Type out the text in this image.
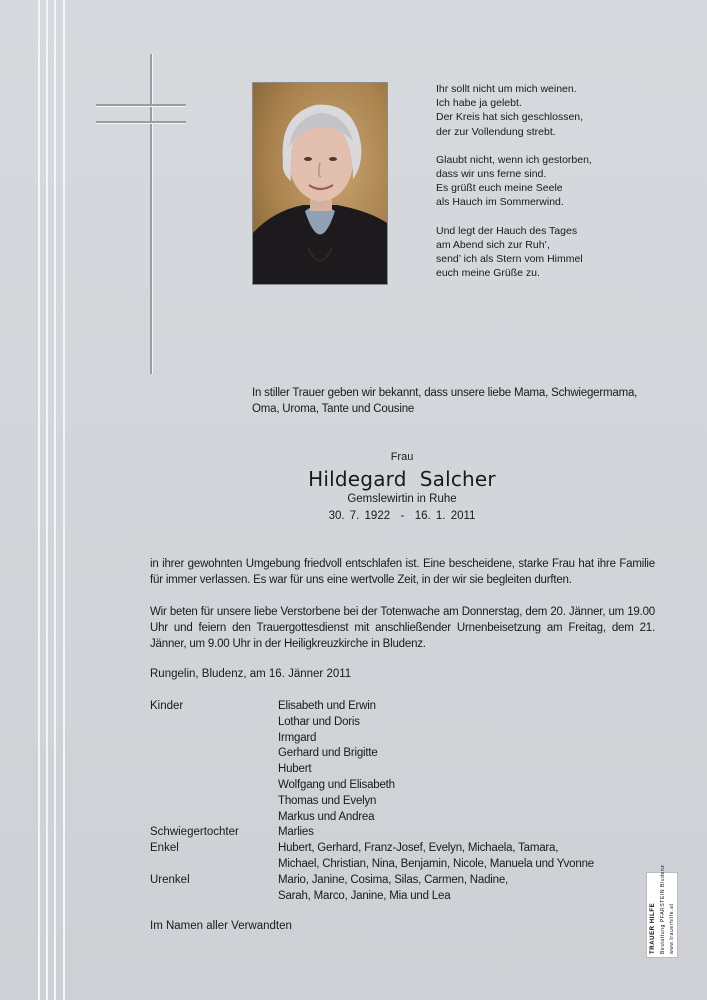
Ihr sollt nicht um mich weinen.
Ich habe ja gelebt.
Der Kreis hat sich geschlossen,
der zur Vollendung strebt.
Glaubt nicht, wenn ich gestorben,
dass wir uns ferne sind.
Es grüßt euch meine Seele
als Hauch im Sommerwind.
Und legt der Hauch des Tages
am Abend sich zur Ruh’,
send’ ich als Stern vom Himmel
euch meine Grüße zu.
In stiller Trauer geben wir bekannt, dass unsere liebe Mama, Schwiegermama, Oma, Uroma, Tante und Cousine
Frau
Hildegard  Salcher
Gemslewirtin in Ruhe
30. 7. 1922  -  16. 1. 2011
in ihrer gewohnten Umgebung friedvoll entschlafen ist. Eine bescheidene, starke Frau hat ihre Familie für immer verlassen. Es war für uns eine wertvolle Zeit, in der wir sie begleiten durften.
Wir beten für unsere liebe Verstorbene bei der Totenwache am Donnerstag, dem 20. Jänner, um 19.00 Uhr und feiern den Trauergottesdienst mit anschließender Urnenbeisetzung am Freitag, dem 21. Jänner, um 9.00 Uhr in der Heiligkreuzkirche in Bludenz.
Rungelin, Bludenz, am 16. Jänner 2011
Kinder	Elisabeth und Erwin
Lothar und Doris
Irmgard
Gerhard und Brigitte
Hubert
Wolfgang und Elisabeth
Thomas und Evelyn
Markus und Andrea
Schwiegertochter	Marlies
Enkel	Hubert, Gerhard, Franz-Josef, Evelyn, Michaela, Tamara,
Michael, Christian, Nina, Benjamin, Nicole, Manuela und Yvonne
Urenkel	Mario, Janine, Cosima, Silas, Carmen, Nadine,
Sarah, Marco, Janine, Mia und Lea
Im Namen aller Verwandten	TRAUER HILFE Bestattung PFARSTEIN Bludenz www.trauerhilfe.at
